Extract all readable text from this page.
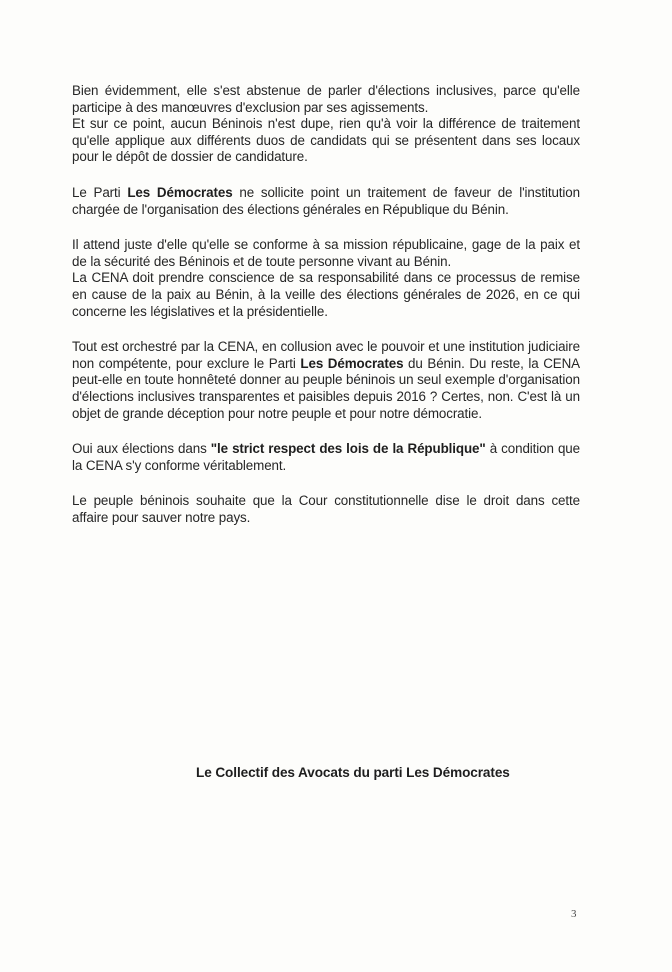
Bien évidemment, elle s'est abstenue de parler d'élections inclusives, parce qu'elle participe à des manœuvres d'exclusion par ses agissements.
Et sur ce point, aucun Béninois n'est dupe, rien qu'à voir la différence de traitement qu'elle applique aux différents duos de candidats qui se présentent dans ses locaux pour le dépôt de dossier de candidature.

Le Parti Les Démocrates ne sollicite point un traitement de faveur de l'institution chargée de l'organisation des élections générales en République du Bénin.

Il attend juste d'elle qu'elle se conforme à sa mission républicaine, gage de la paix et de la sécurité des Béninois et de toute personne vivant au Bénin.
La CENA doit prendre conscience de sa responsabilité dans ce processus de remise en cause de la paix au Bénin, à la veille des élections générales de 2026, en ce qui concerne les législatives et la présidentielle.

Tout est orchestré par la CENA, en collusion avec le pouvoir et une institution judiciaire non compétente, pour exclure le Parti Les Démocrates du Bénin. Du reste, la CENA peut-elle en toute honnêteté donner au peuple béninois un seul exemple d'organisation d'élections inclusives transparentes et paisibles depuis 2016 ? Certes, non. C'est là un objet de grande déception pour notre peuple et pour notre démocratie.

Oui aux élections dans "le strict respect des lois de la République" à condition que la CENA s'y conforme véritablement.

Le peuple béninois souhaite que la Cour constitutionnelle dise le droit dans cette affaire pour sauver notre pays.

Le Collectif des Avocats du parti Les Démocrates
3
